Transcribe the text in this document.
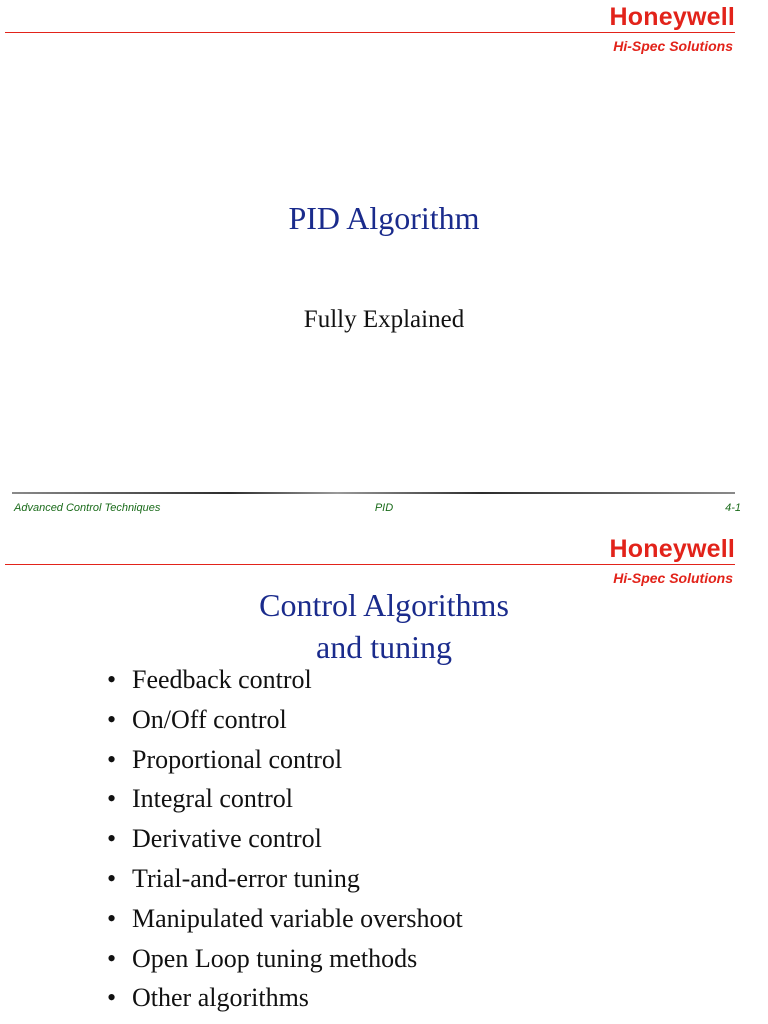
Honeywell
Hi-Spec Solutions
PID Algorithm
Fully Explained
Advanced Control Techniques	PID	4-1
Honeywell
Hi-Spec Solutions
Control Algorithms
and tuning
• Feedback control
• On/Off control
• Proportional control
• Integral control
• Derivative control
• Trial-and-error tuning
• Manipulated variable overshoot
• Open Loop tuning methods
• Other algorithms
